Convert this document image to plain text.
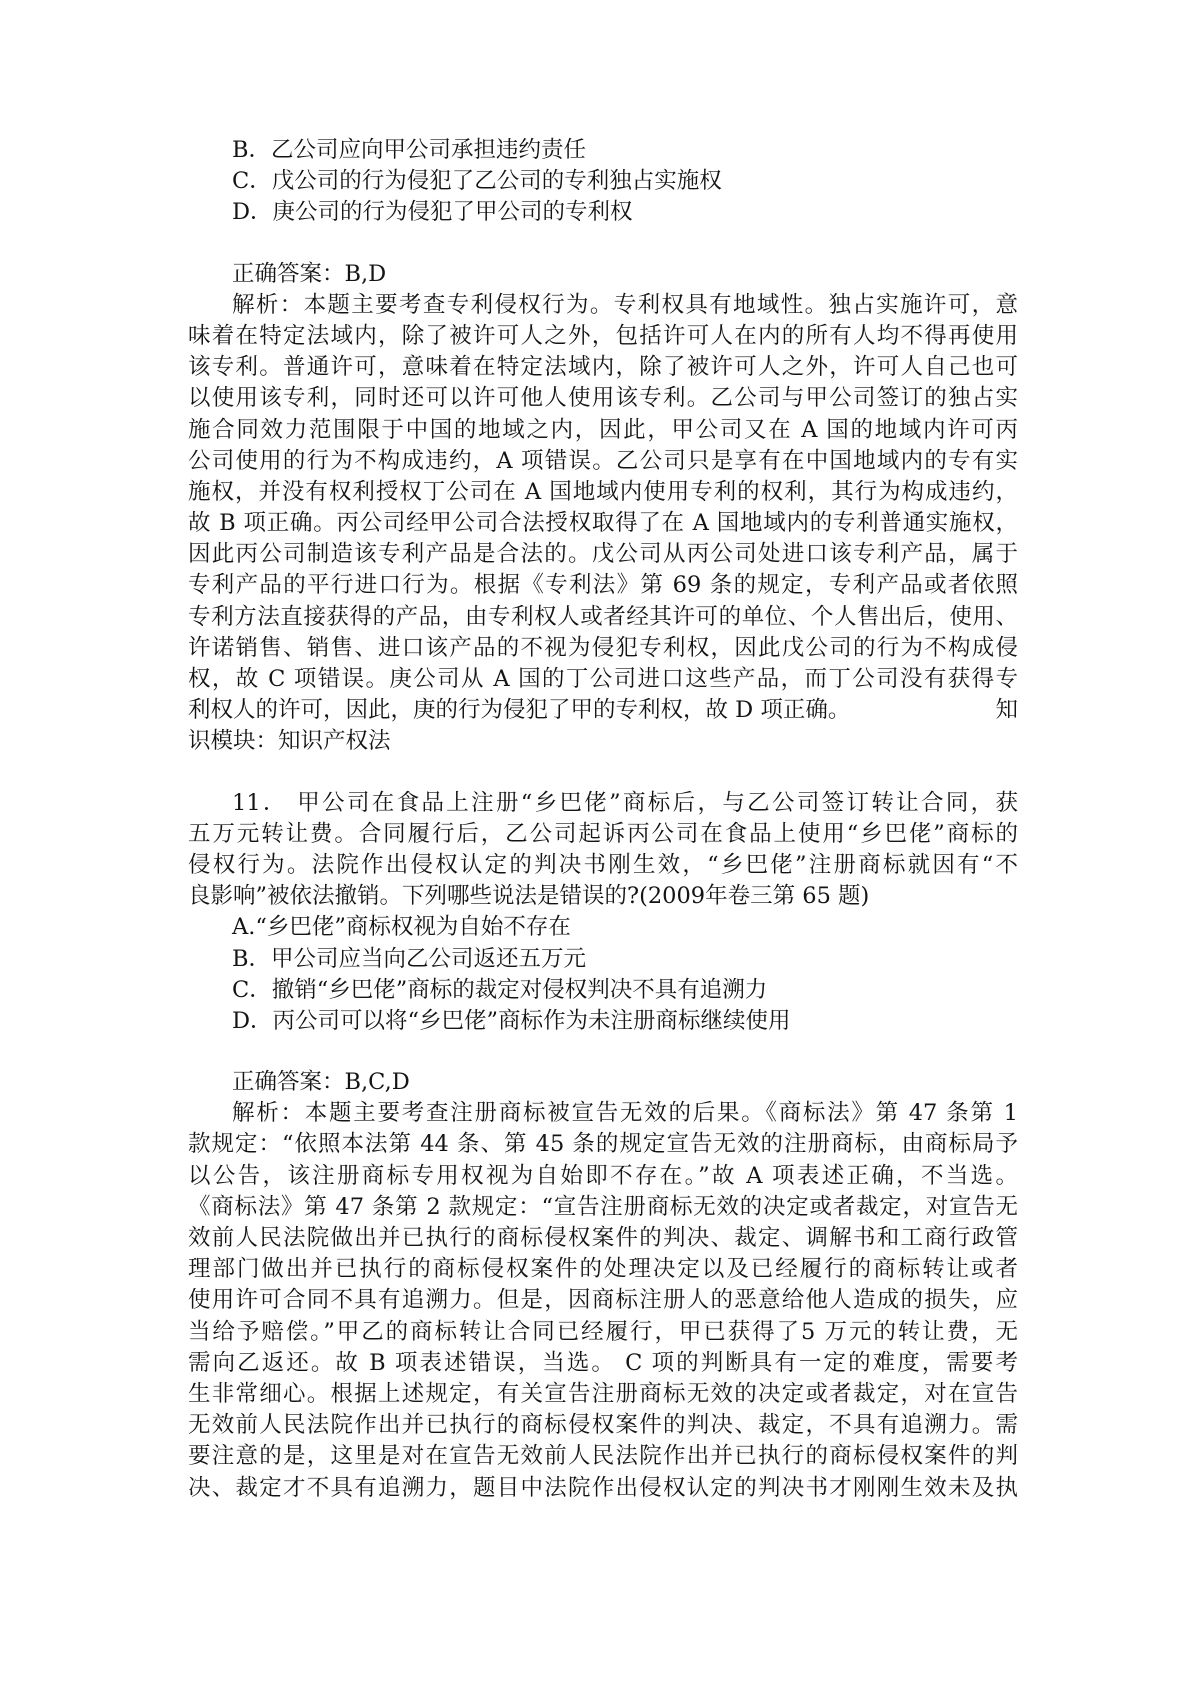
B．乙公司应向甲公司承担违约责任
C．戊公司的行为侵犯了乙公司的专利独占实施权
D．庚公司的行为侵犯了甲公司的专利权
正确答案：B,D
解析：本题主要考查专利侵权行为。专利权具有地域性。独占实施许可，意
味着在特定法域内，除了被许可人之外，包括许可人在内的所有人均不得再使用
该专利。普通许可，意味着在特定法域内，除了被许可人之外，许可人自己也可
以使用该专利，同时还可以许可他人使用该专利。乙公司与甲公司签订的独占实
施合同效力范围限于中国的地域之内，因此，甲公司又在 A 国的地域内许可丙
公司使用的行为不构成违约，A 项错误。乙公司只是享有在中国地域内的专有实
施权，并没有权利授权丁公司在 A 国地域内使用专利的权利，其行为构成违约，
故 B 项正确。丙公司经甲公司合法授权取得了在 A 国地域内的专利普通实施权，
因此丙公司制造该专利产品是合法的。戊公司从丙公司处进口该专利产品，属于
专利产品的平行进口行为。根据《专利法》第 69 条的规定，专利产品或者依照
专利方法直接获得的产品，由专利权人或者经其许可的单位、个人售出后，使用、
许诺销售、销售、进口该产品的不视为侵犯专利权，因此戊公司的行为不构成侵
权，故 C 项错误。庚公司从 A 国的丁公司进口这些产品，而丁公司没有获得专
利权人的许可，因此，庚的行为侵犯了甲的专利权，故 D 项正确。	知
识模块：知识产权法
11． 甲公司在食品上注册“乡巴佬”商标后，与乙公司签订转让合同，获
五万元转让费。合同履行后，乙公司起诉丙公司在食品上使用“乡巴佬”商标的
侵权行为。法院作出侵权认定的判决书刚生效，“乡巴佬”注册商标就因有“不
良影响”被依法撤销。下列哪些说法是错误的?(2009年卷三第 65 题)
A.“乡巴佬”商标权视为自始不存在
B．甲公司应当向乙公司返还五万元
C．撤销“乡巴佬”商标的裁定对侵权判决不具有追溯力
D．丙公司可以将“乡巴佬”商标作为未注册商标继续使用
正确答案：B,C,D
解析：本题主要考查注册商标被宣告无效的后果。《商标法》第 47 条第 1
款规定：“依照本法第 44 条、第 45 条的规定宣告无效的注册商标，由商标局予
以公告，该注册商标专用权视为自始即不存在。”故 A 项表述正确，不当选。
《商标法》第 47 条第 2 款规定：“宣告注册商标无效的决定或者裁定，对宣告无
效前人民法院做出并已执行的商标侵权案件的判决、裁定、调解书和工商行政管
理部门做出并已执行的商标侵权案件的处理决定以及已经履行的商标转让或者
使用许可合同不具有追溯力。但是，因商标注册人的恶意给他人造成的损失，应
当给予赔偿。”甲乙的商标转让合同已经履行，甲已获得了5 万元的转让费，无
需向乙返还。故 B 项表述错误，当选。 C 项的判断具有一定的难度，需要考
生非常细心。根据上述规定，有关宣告注册商标无效的决定或者裁定，对在宣告
无效前人民法院作出并已执行的商标侵权案件的判决、裁定，不具有追溯力。需
要注意的是，这里是对在宣告无效前人民法院作出并已执行的商标侵权案件的判
决、裁定才不具有追溯力，题目中法院作出侵权认定的判决书才刚刚生效未及执
